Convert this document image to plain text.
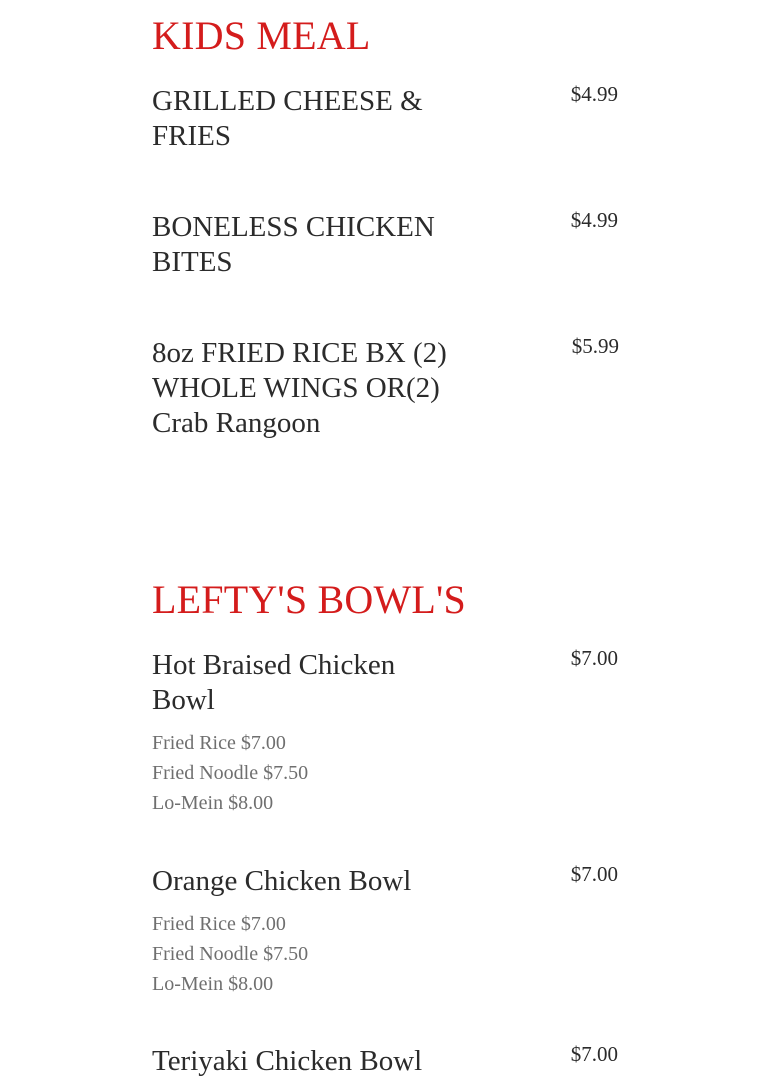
KIDS MEAL
GRILLED CHEESE & FRIES
$4.99
BONELESS CHICKEN BITES
$4.99
8oz FRIED RICE BX (2) WHOLE WINGS OR(2) Crab Rangoon
$5.99
LEFTY'S BOWL'S
Hot Braised Chicken Bowl
$7.00
Fried Rice $7.00
Fried Noodle $7.50
Lo-Mein $8.00
Orange Chicken Bowl	$7.00
Fried Rice $7.00
Fried Noodle $7.50
Lo-Mein $8.00
Teriyaki Chicken Bowl	$7.00
